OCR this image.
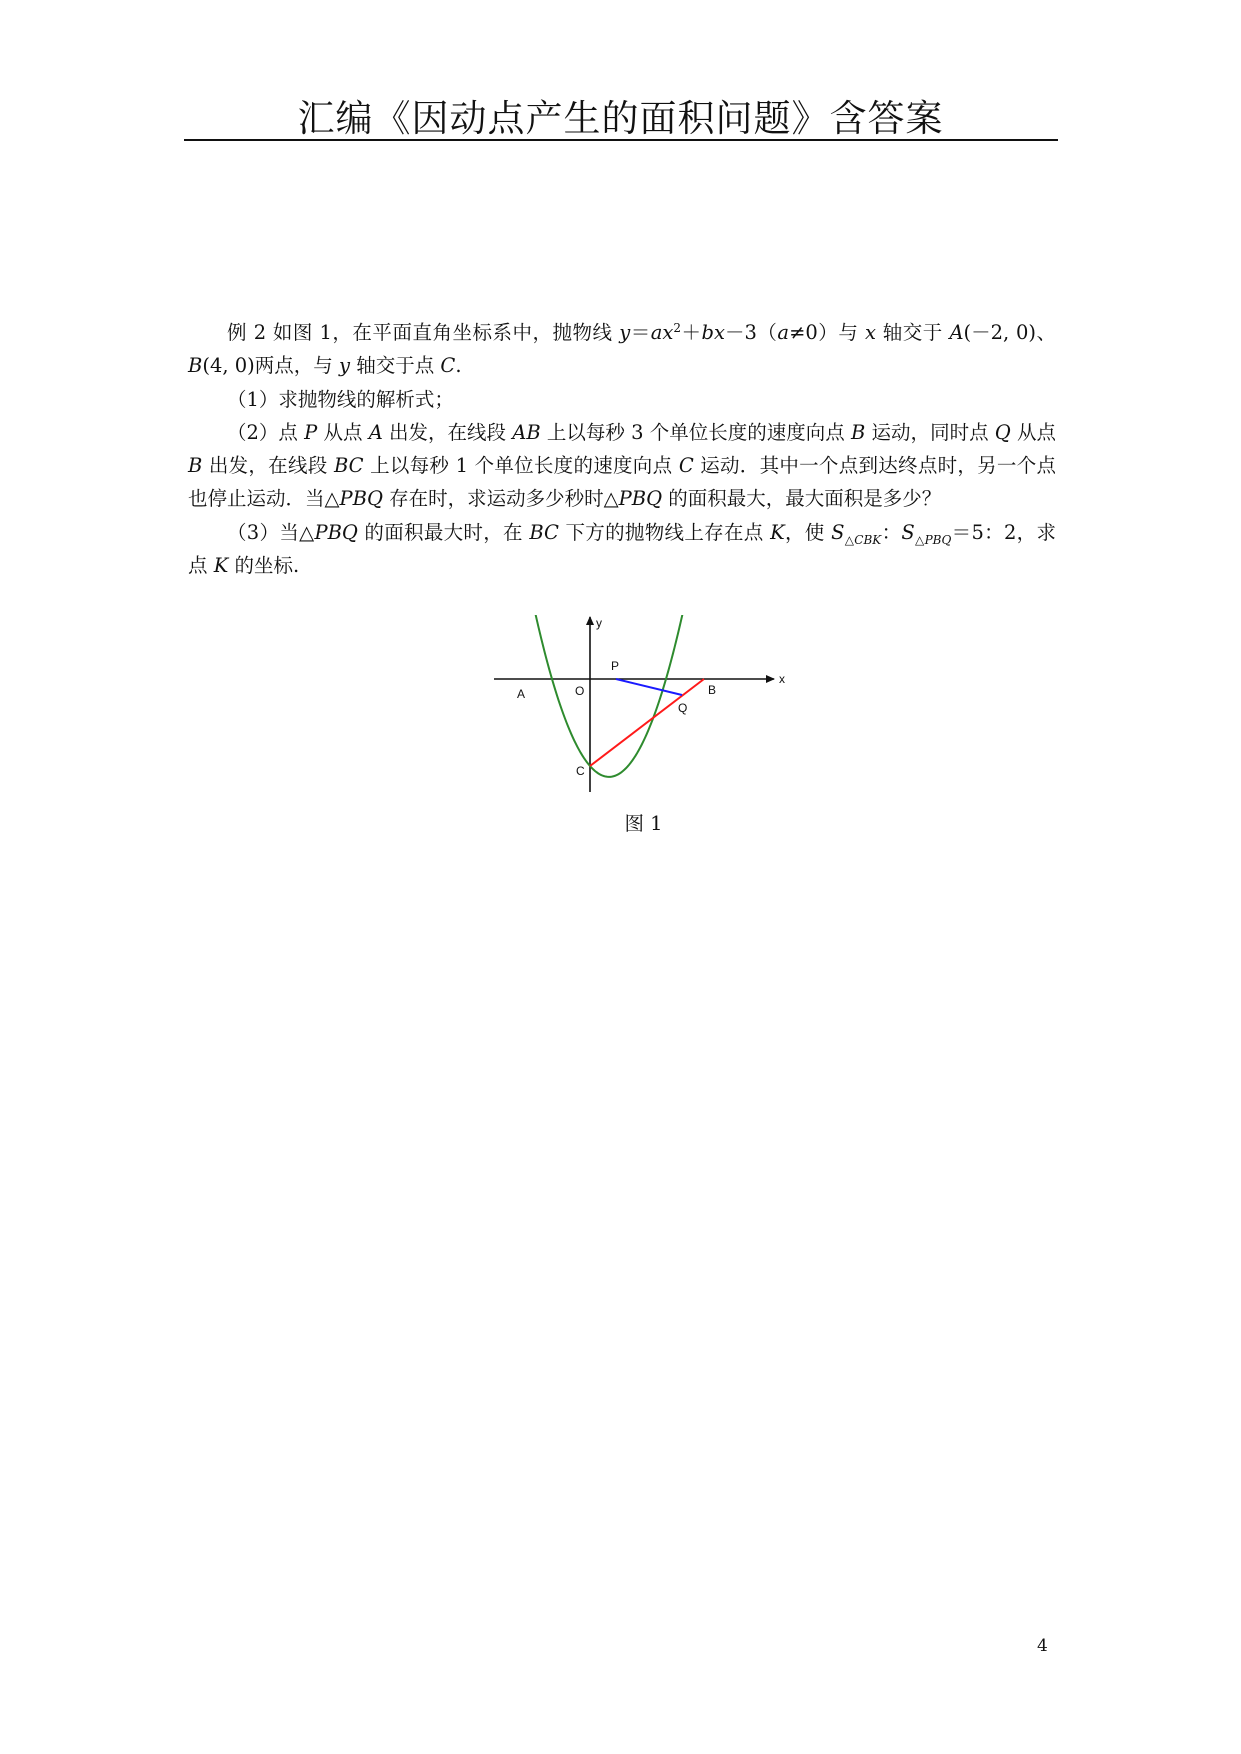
汇编《因动点产生的面积问题》含答案

例 2 如图 1，在平面直角坐标系中，抛物线 $y=ax^2+bx-3(a\ne 0)$与 x 轴交于 A(－2, 0)、B(4, 0)两点，与 y 轴交于点 C.

（1）求抛物线的解析式；

（2）点 P 从点 A 出发，在线段 AB 上以每秒 3 个单位长度的速度向点 B 运动，同时点 Q 从点 B 出发，在线段 BC 上以每秒 1 个单位长度的速度向点 C 运动．其中一个点到达终点时，另一个点也停止运动．当△PBQ 存在时，求运动多少秒时△PBQ 的面积最大，最大面积是多少？

（3）当△PBQ 的面积最大时，在 BC 下方的抛物线上存在点 K，使 $S_{\triangle CBK}$：$S_{\triangle PBQ}=5$：2，求点 K 的坐标.

y
x
P
A	O	B
Q
C
图 1
4
